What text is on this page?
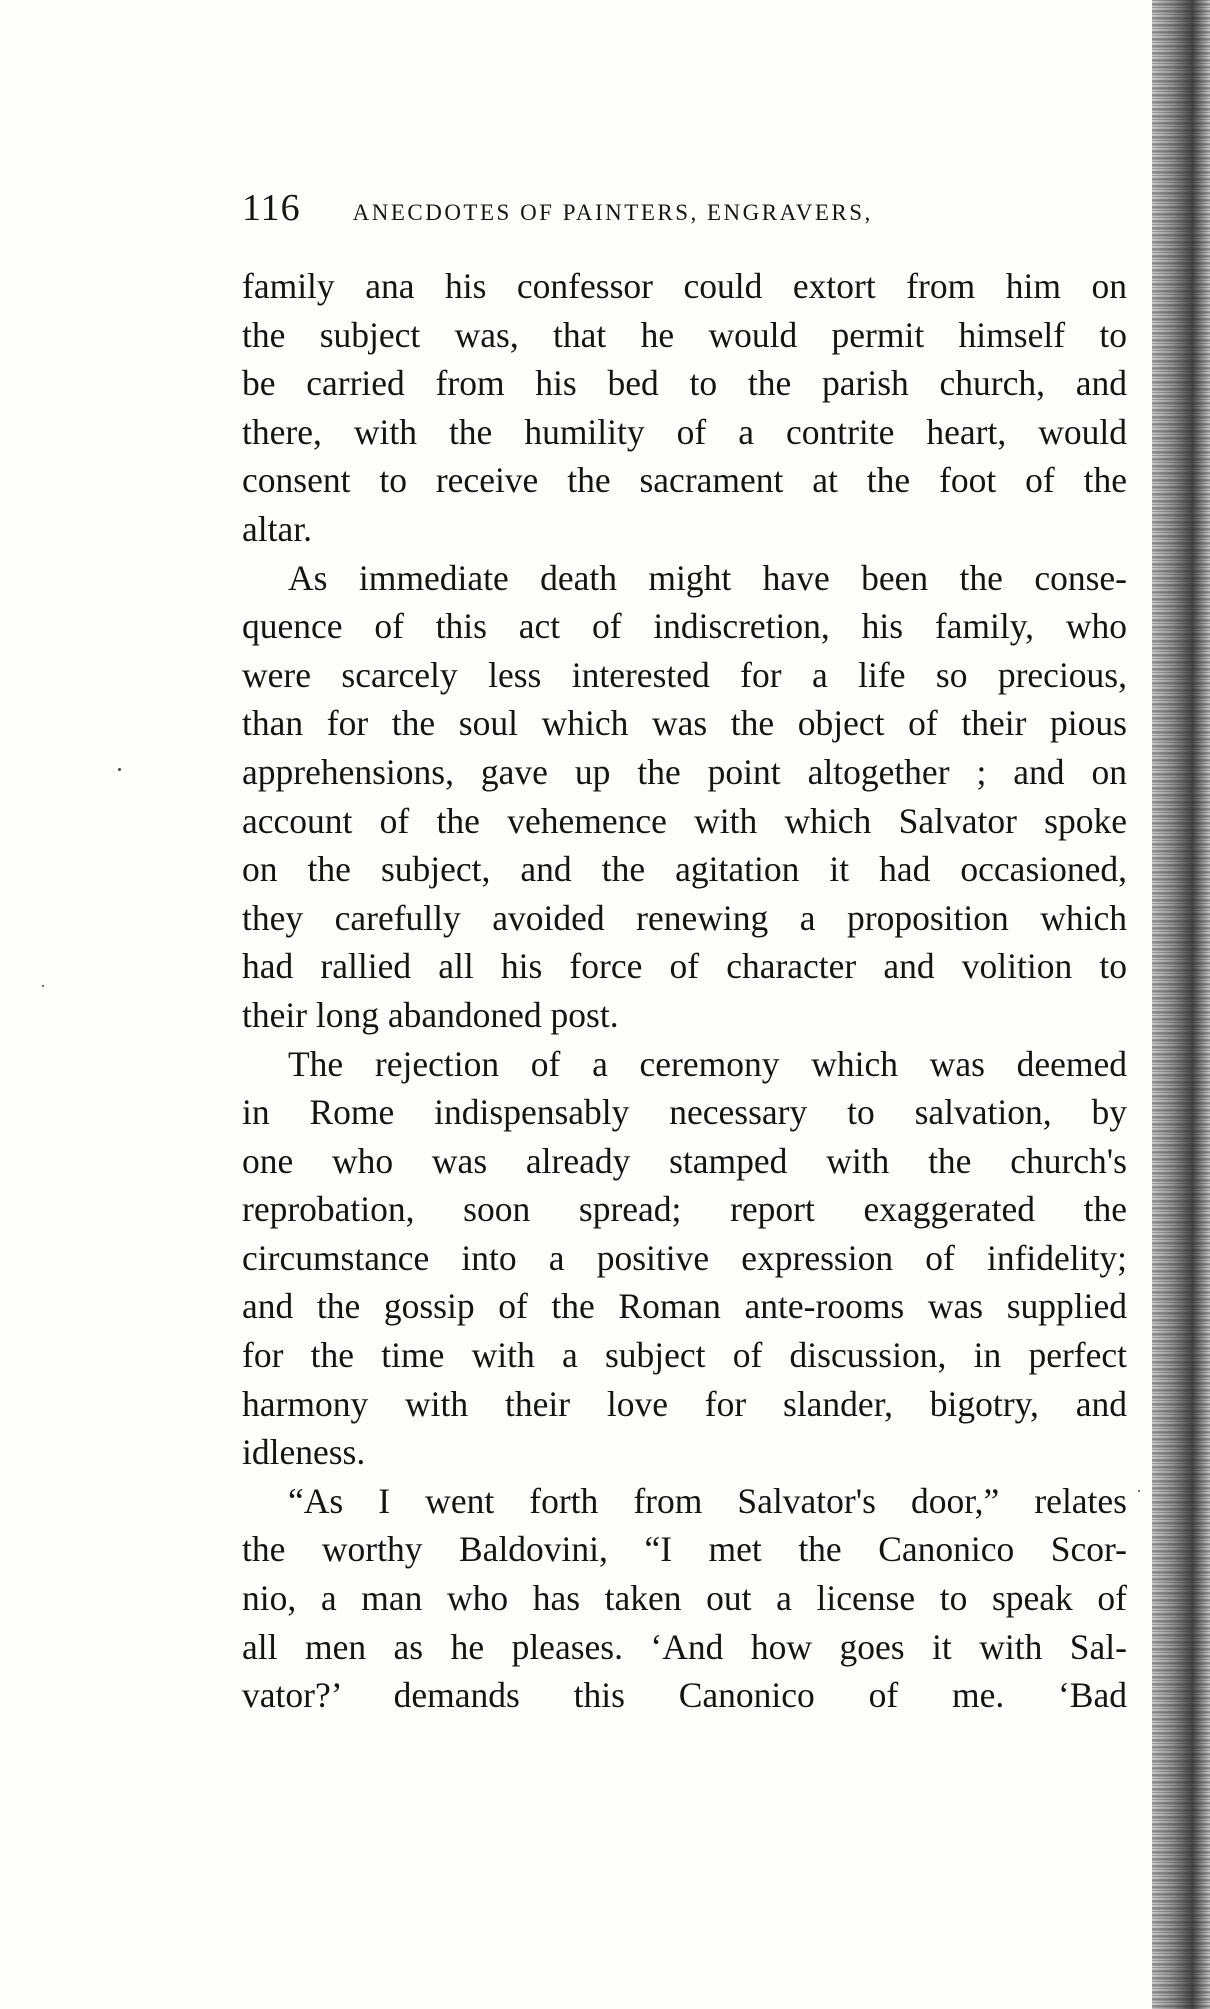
116 ANECDOTES OF PAINTERS, ENGRAVERS,

family ana his confessor could extort from him on
the subject was, that he would permit himself to
be carried from his bed to the parish church, and
there, with the humility of a contrite heart, would
consent to receive the sacrament at the foot of the
altar.

As immediate death might have been the conse-
quence of this act of indiscretion, his family, who
were scarcely less interested for a life so precious,
than for the soul which was the object of their pious
apprehensions, gave up the point altogether ; and on
account of the vehemence with which Salvator spoke
on the subject, and the agitation it had occasioned,
they carefully avoided renewing a proposition which
had rallied all his force of character and volition to
their long abandoned post.

The rejection of a ceremony which was deemed
in Rome indispensably necessary to salvation, by
one who was already stamped with the church's
reprobation, soon spread; report exaggerated the
circumstance into a positive expression of infidelity;
and the gossip of the Roman ante-rooms was supplied
for the time with a subject of discussion, in perfect
harmony with their love for slander, bigotry, and
idleness.

“As I went forth from Salvator's door,” relates
the worthy Baldovini, “I met the Canonico Scor-
nio, a man who has taken out a license to speak of
all men as he pleases. ‘And how goes it with Sal-
vator?’ demands this Canonico of me. ‘Bad
